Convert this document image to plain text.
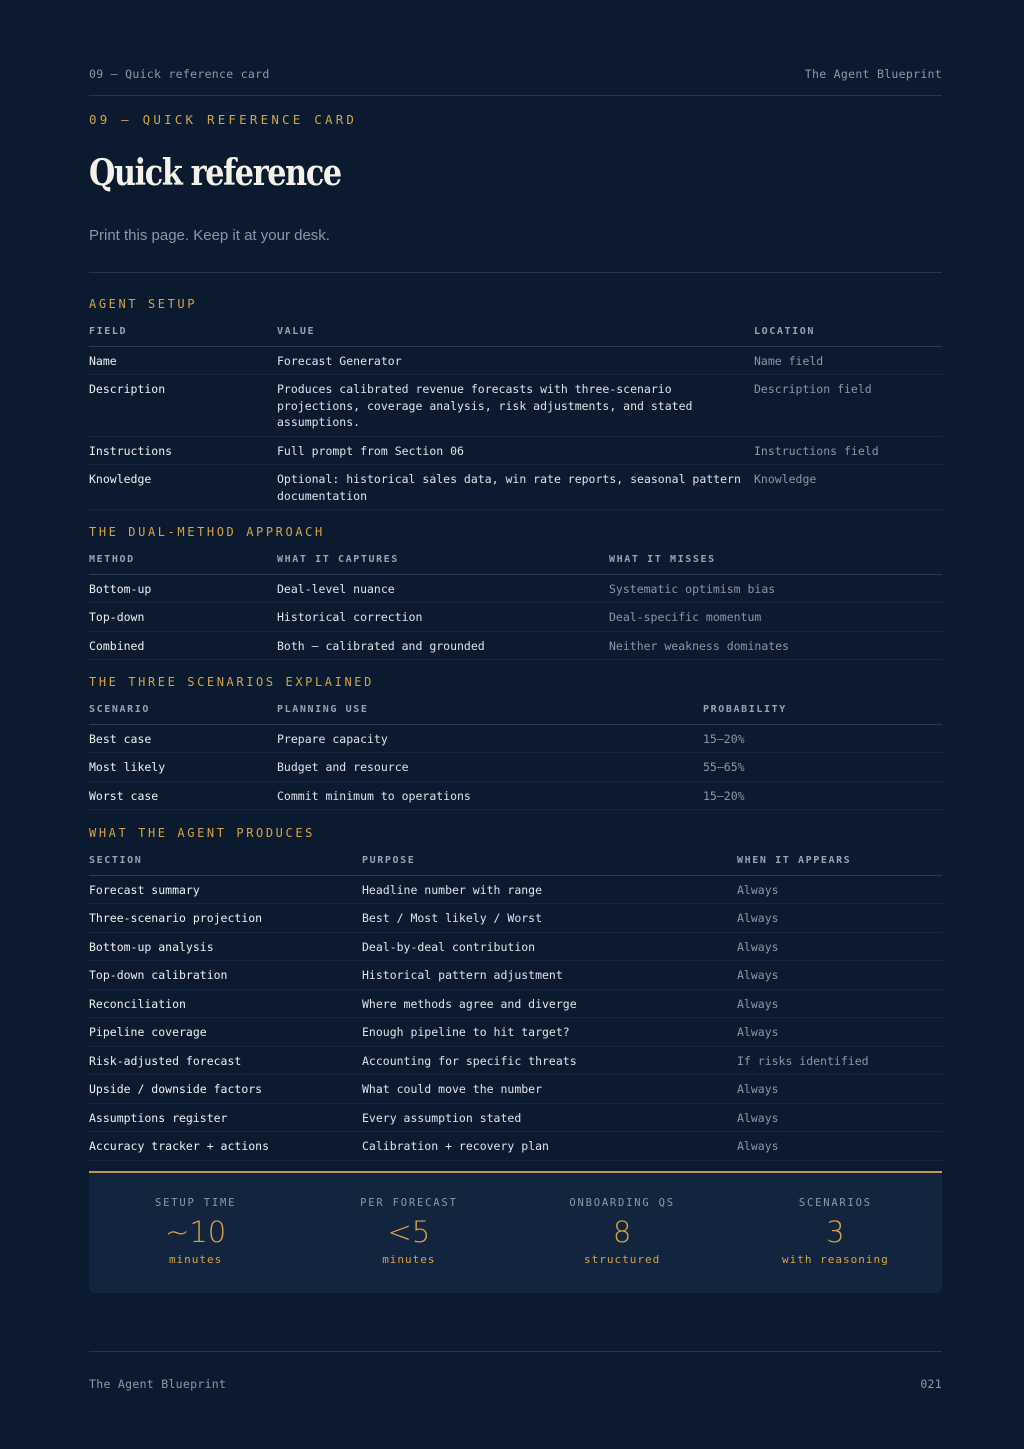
09 — Quick reference card	The Agent Blueprint
09 — QUICK REFERENCE CARD
Quick reference
Print this page. Keep it at your desk.
AGENT SETUP
FIELD	VALUE	LOCATION
Name	Forecast Generator	Name field
Description	Produces calibrated revenue forecasts with three-scenario projections, coverage analysis, risk adjustments, and stated assumptions.	Description field
Instructions	Full prompt from Section 06	Instructions field
Knowledge	Optional: historical sales data, win rate reports, seasonal pattern documentation	Knowledge
THE DUAL-METHOD APPROACH
METHOD	WHAT IT CAPTURES	WHAT IT MISSES
Bottom-up	Deal-level nuance	Systematic optimism bias
Top-down	Historical correction	Deal-specific momentum
Combined	Both — calibrated and grounded	Neither weakness dominates
THE THREE SCENARIOS EXPLAINED
SCENARIO	PLANNING USE	PROBABILITY
Best case	Prepare capacity	15–20%
Most likely	Budget and resource	55–65%
Worst case	Commit minimum to operations	15–20%
WHAT THE AGENT PRODUCES
SECTION	PURPOSE	WHEN IT APPEARS
Forecast summary	Headline number with range	Always
Three-scenario projection	Best / Most likely / Worst	Always
Bottom-up analysis	Deal-by-deal contribution	Always
Top-down calibration	Historical pattern adjustment	Always
Reconciliation	Where methods agree and diverge	Always
Pipeline coverage	Enough pipeline to hit target?	Always
Risk-adjusted forecast	Accounting for specific threats	If risks identified
Upside / downside factors	What could move the number	Always
Assumptions register	Every assumption stated	Always
Accuracy tracker + actions	Calibration + recovery plan	Always
SETUP TIME
~10
minutes
PER FORECAST
<5
minutes
ONBOARDING QS
8
structured
SCENARIOS
3
with reasoning
The Agent Blueprint	021
